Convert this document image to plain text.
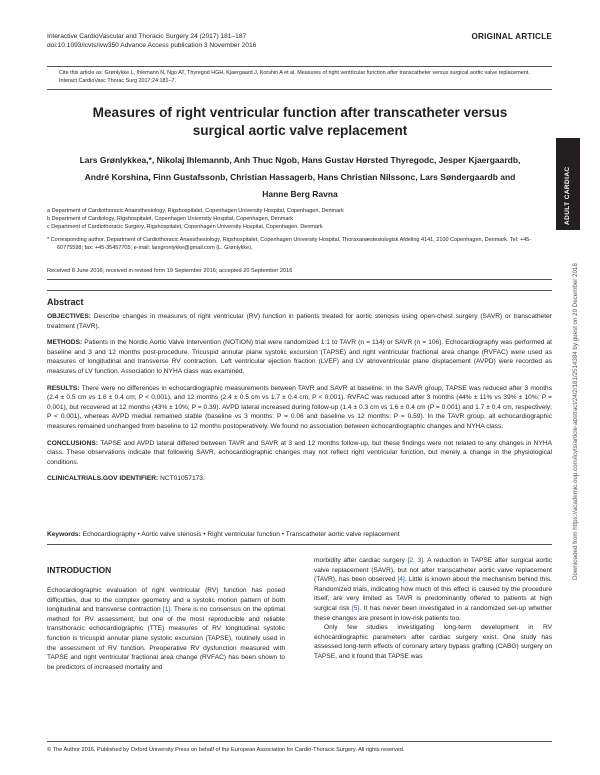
Interactive CardioVascular and Thoracic Surgery 24 (2017) 181–187
doi:10.1093/icvts/ivw350 Advance Access publication 3 November 2016
ORIGINAL ARTICLE
Cite this article as: Grønlykke L, Ihlemann N, Ngo AT, Thyregod HGH, Kjaergaard J, Korshin A et al. Measures of right ventricular function after transcatheter versus surgical aortic valve replacement. Interact CardioVasc Thorac Surg 2017;24:181–7.
Measures of right ventricular function after transcatheter versus
surgical aortic valve replacement
Lars Grønlykkea,*, Nikolaj Ihlemannb, Anh Thuc Ngob, Hans Gustav Hørsted Thyregodc, Jesper Kjaergaardb,
André Korshina, Finn Gustafssonb, Christian Hassagerb, Hans Christian Nilssonc, Lars Søndergaardb and
Hanne Berg Ravna

a Department of Cardiothoracic Anaesthesiology, Rigshospitalet, Copenhagen University Hospital, Copenhagen, Denmark

b Department of Cardiology, Rigshospitalet, Copenhagen University Hospital, Copenhagen, Denmark

c Department of Cardiothoracic Surgery, Rigshospitalet, Copenhagen University Hospital, Copenhagen, Denmark

* Corresponding author. Department of Cardiothoracic Anaesthesiology, Rigshospitalet, Copenhagen University Hospital, Thoraxanæstesiologisk Afdeling 4141, 2100 Copenhagen, Denmark. Tel: +45-60775598; fax: +45-35457705; e-mail: larsgronlykke@gmail.com (L. Grønlykke).

Received 8 June 2016; received in revised form 19 September 2016; accepted 20 September 2016
Abstract

OBJECTIVES: Describe changes in measures of right ventricular (RV) function in patients treated for aortic stenosis using open-chest surgery (SAVR) or transcatheter treatment (TAVR).

METHODS: Patients in the Nordic Aortic Valve Intervention (NOTION) trial were randomized 1:1 to TAVR (n = 114) or SAVR (n = 106). Echocardiography was performed at baseline and 3 and 12 months post-procedure. Tricuspid annular plane systolic excursion (TAPSE) and right ventricular fractional area change (RVFAC) were used as measures of longitudinal and transverse RV contraction. Left ventricular ejection fraction (LVEF) and LV atrioventricular plane displacement (AVPD) were recorded as measures of LV function. Association to NYHA class was examined.

RESULTS: There were no differences in echocardiographic measurements between TAVR and SAVR at baseline. In the SAVR group, TAPSE was reduced after 3 months (2.4 ± 0.5 cm vs 1.6 ± 0.4 cm; P < 0.001), and 12 months (2.4 ± 0.5 cm vs 1.7 ± 0.4 cm; P < 0.001). RVFAC was reduced after 3 months (44% ± 11% vs 39% ± 10%; P = 0.001), but recovered at 12 months (43% ± 10%; P = 0.39). AVPD lateral increased during follow-up (1.4 ± 0.3 cm vs 1.6 ± 0.4 cm (P = 0.001) and 1.7 ± 0.4 cm, respectively; P < 0.001), whereas AVPD medial remained stable (baseline vs 3 months: P = 0.06 and baseline vs 12 months: P = 0.59). In the TAVR group, all echocardiographic measures remained unchanged from baseline to 12 months postoperatively. We found no association between echocardiographic changes and NYHA class.

CONCLUSIONS: TAPSE and AVPD lateral differed between TAVR and SAVR at 3 and 12 months follow-up, but these findings were not related to any changes in NYHA class. These observations indicate that following SAVR, echocardiographic changes may not reflect right ventricular function, but merely a change in the physiological conditions.

CLINICALTRIALS.GOV IDENTIFIER: NCT01057173.

Keywords: Echocardiography • Aortic valve stenosis • Right ventricular function • Transcatheter aortic valve replacement
INTRODUCTION

Echocardiographic evaluation of right ventricular (RV) function has posed difficulties, due to the complex geometry and a systolic motion pattern of both longitudinal and transverse contraction [1]. There is no consensus on the optimal method for RV assessment, but one of the most reproducible and reliable transthoracic echocardiographic (TTE) measures of RV longitudinal systolic function is tricuspid annular plane systolic excursion (TAPSE), routinely used in the assessment of RV function. Preoperative RV dysfunction measured with TAPSE and right ventricular fractional area change (RVFAC) has been shown to be predictors of increased mortality and

morbidity after cardiac surgery [2, 3]. A reduction in TAPSE after surgical aortic valve replacement (SAVR), but not after transcatheter aortic valve replacement (TAVR), has been observed [4]. Little is known about the mechanism behind this. Randomized trials, indicating how much of this effect is caused by the procedure itself, are very limited as TAVR is predominantly offered to patients at high surgical risk [5]. It has never been investigated in a randomized set-up whether these changes are present in low-risk patients too.

Only few studies investigating long-term development in RV echocardiographic parameters after cardiac surgery exist. One study has assessed long-term effects of coronary artery bypass grafting (CABG) surgery on TAPSE, and it found that TAPSE was

© The Author 2016. Published by Oxford University Press on behalf of the European Association for Cardio-Thoracic Surgery. All rights reserved.
ADULT CARDIAC
Downloaded from https://academic.oup.com/icvts/article-abstract/24/2/181/2514384 by guest on 20 December 2018
